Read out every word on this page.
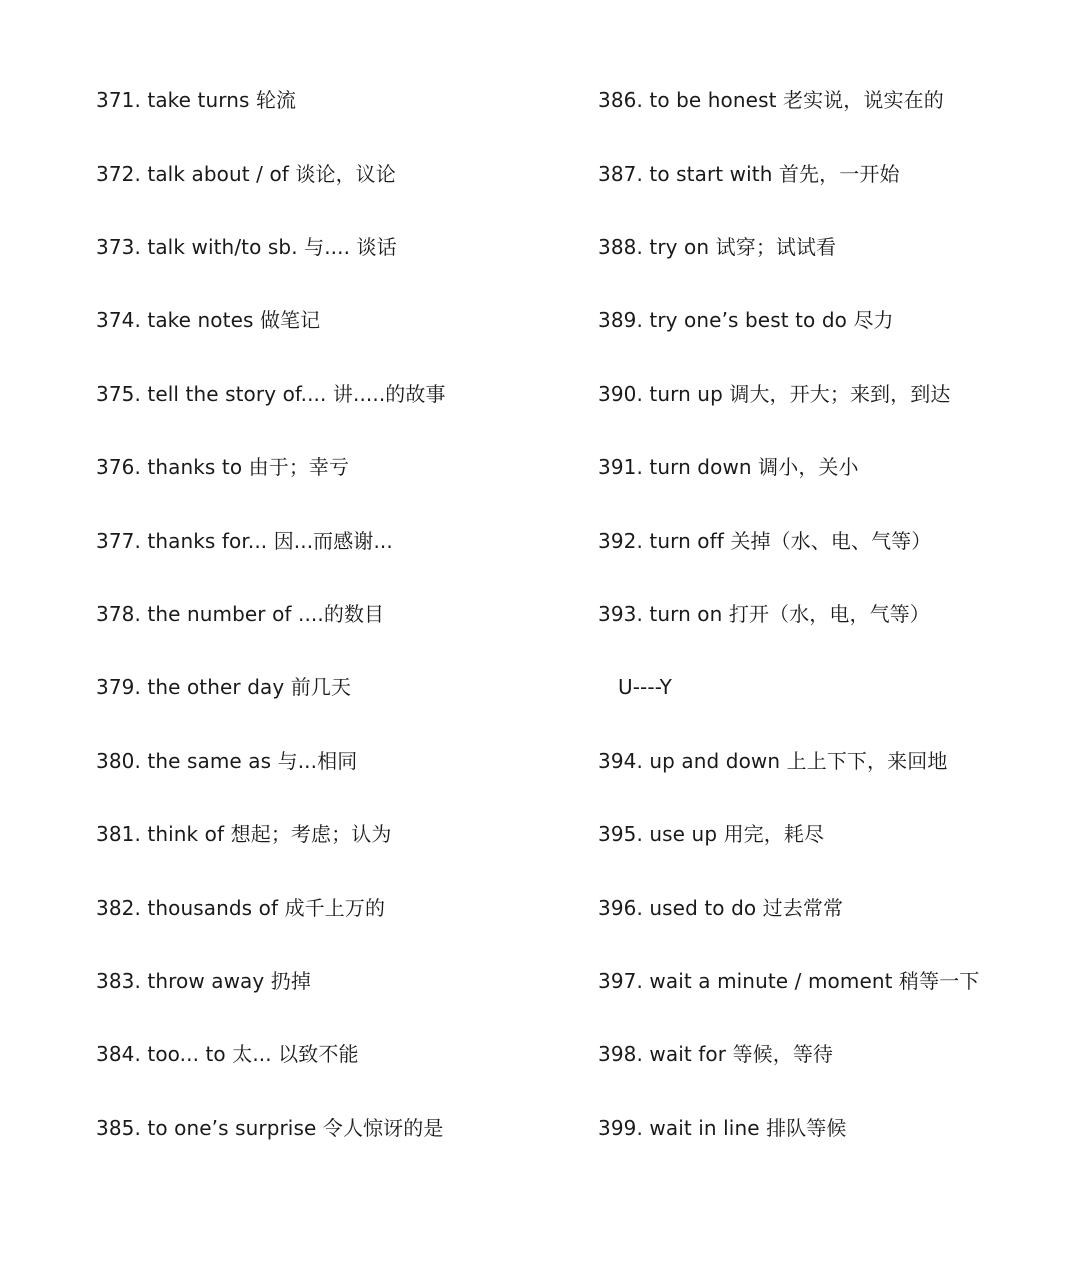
371. take turns 轮流
372. talk about / of 谈论，议论
373. talk with/to sb. 与.... 谈话
374. take notes 做笔记
375. tell the story of.... 讲.....的故事
376. thanks to 由于；幸亏
377. thanks for... 因...而感谢...
378. the number of ....的数目
379. the other day 前几天
380. the same as 与...相同
381. think of 想起；考虑；认为
382. thousands of 成千上万的
383. throw away 扔掉
384. too... to 太... 以致不能
385. to one’s surprise 令人惊讶的是
386. to be honest 老实说，说实在的
387. to start with 首先，一开始
388. try on 试穿；试试看
389. try one’s best to do 尽力
390. turn up 调大，开大；来到，到达
391. turn down 调小，关小
392. turn off 关掉（水、电、气等）
393. turn on 打开（水，电，气等）
U----Y
394. up and down 上上下下，来回地
395. use up 用完，耗尽
396. used to do 过去常常
397. wait a minute / moment 稍等一下
398. wait for 等候，等待
399. wait in line 排队等候
